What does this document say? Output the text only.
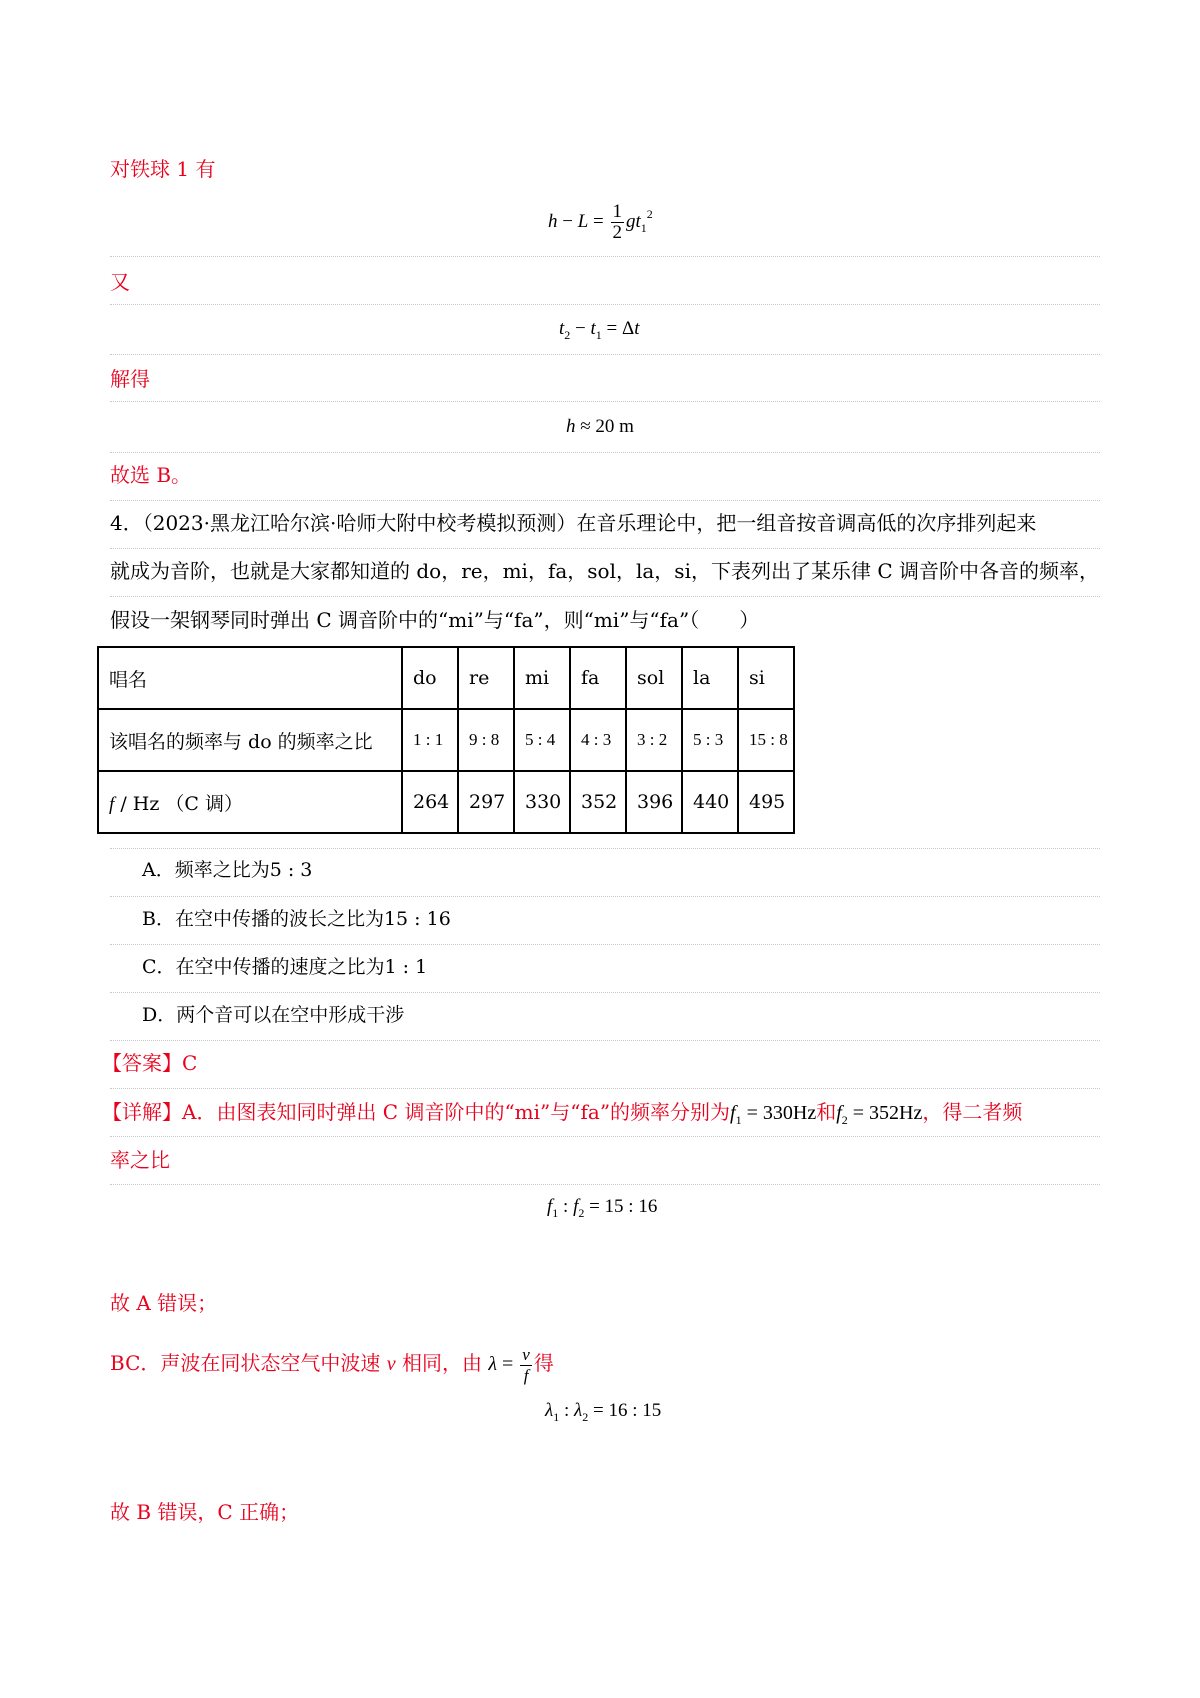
对铁球 1 有
$h - L = \frac{1}{2} gt_1^2$
又
$t_2 - t_1 = \Delta t$
解得
h ≈ 20 m
故选 B。
4．（2023·黑龙江哈尔滨·哈师大附中校考模拟预测）在音乐理论中，把一组音按音调高低的次序排列起来
就成为音阶，也就是大家都知道的 do，re，mi，fa，sol，la，si，下表列出了某乐律 C 调音阶中各音的频率，
假设一架钢琴同时弹出 C 调音阶中的“mi”与“fa”，则“mi”与“fa”（　　）
唱名	do	re	mi	fa	sol	la	si
该唱名的频率与 do 的频率之比	1 : 1	9 : 8	5 : 4	4 : 3	3 : 2	5 : 3	15 : 8
f / Hz （C 调）	264	297	330	352	396	440	495
A．频率之比为5 : 3
B．在空中传播的波长之比为15 : 16
C．在空中传播的速度之比为1 : 1
D．两个音可以在空中形成干涉
【答案】C
【详解】A．由图表知同时弹出 C 调音阶中的“mi”与“fa”的频率分别为$f_1 = 330Hz$和$f_2 = 352Hz$，得二者频
率之比
$f_1$ : $f_2 = 15$ : 16
故 A 错误；
BC．声波在同状态空气中波速 v 相同，由 $\lambda = \frac{v}{f}$ 得
$\lambda_1$ : $\lambda_2 = 16$ : 15
故 B 错误，C 正确；
